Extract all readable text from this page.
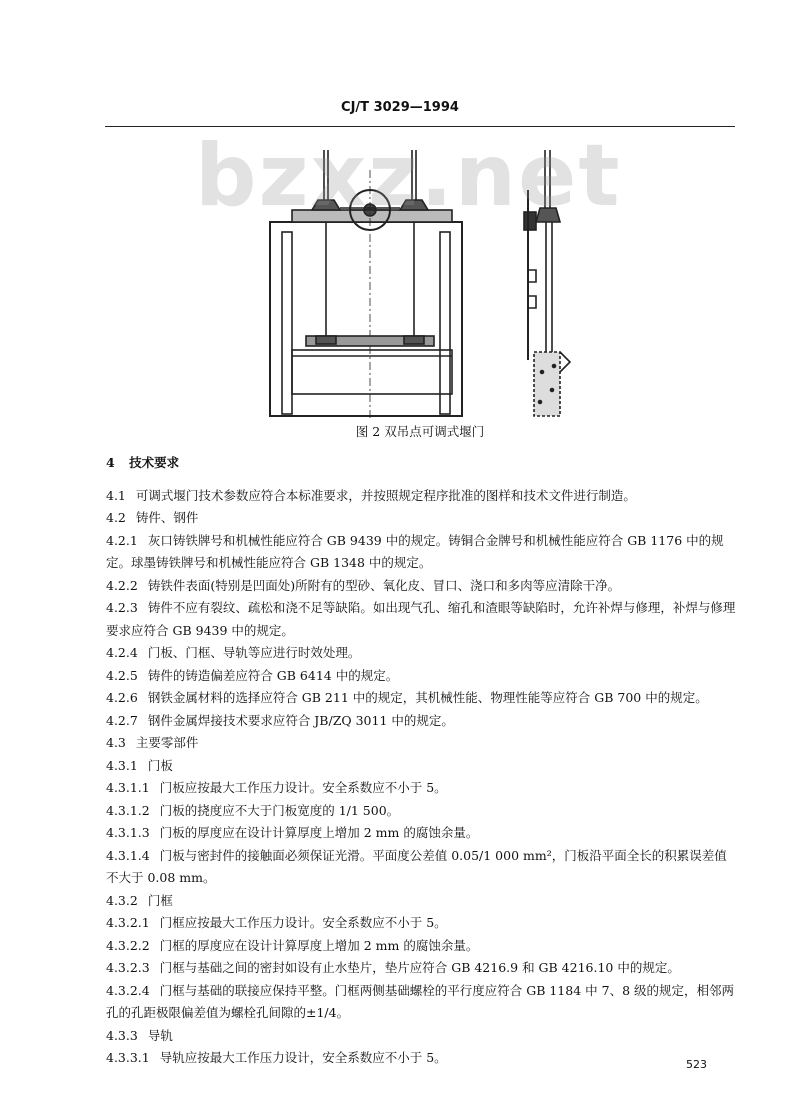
CJ/T 3029—1994
bzxz.net
图 2 双吊点可调式堰门

4 技术要求

4.1 可调式堰门技术参数应符合本标准要求，并按照规定程序批准的图样和技术文件进行制造。

4.2 铸件、钢件

4.2.1 灰口铸铁牌号和机械性能应符合 GB 9439 中的规定。铸铜合金牌号和机械性能应符合 GB 1176 中的规定。球墨铸铁牌号和机械性能应符合 GB 1348 中的规定。

4.2.2 铸铁件表面(特别是凹面处)所附有的型砂、氧化皮、冒口、浇口和多肉等应清除干净。

4.2.3 铸件不应有裂纹、疏松和浇不足等缺陷。如出现气孔、缩孔和渣眼等缺陷时，允许补焊与修理，补焊与修理要求应符合 GB 9439 中的规定。

4.2.4 门板、门框、导轨等应进行时效处理。

4.2.5 铸件的铸造偏差应符合 GB 6414 中的规定。

4.2.6 钢铁金属材料的选择应符合 GB 211 中的规定，其机械性能、物理性能等应符合 GB 700 中的规定。

4.2.7 钢件金属焊接技术要求应符合 JB/ZQ 3011 中的规定。

4.3 主要零部件

4.3.1 门板

4.3.1.1 门板应按最大工作压力设计。安全系数应不小于 5。

4.3.1.2 门板的挠度应不大于门板宽度的 1/1 500。

4.3.1.3 门板的厚度应在设计计算厚度上增加 2 mm 的腐蚀余量。

4.3.1.4 门板与密封件的接触面必须保证光滑。平面度公差值 0.05/1 000 mm²，门板沿平面全长的积累误差值不大于 0.08 mm。

4.3.2 门框

4.3.2.1 门框应按最大工作压力设计。安全系数应不小于 5。

4.3.2.2 门框的厚度应在设计计算厚度上增加 2 mm 的腐蚀余量。

4.3.2.3 门框与基础之间的密封如设有止水垫片，垫片应符合 GB 4216.9 和 GB 4216.10 中的规定。

4.3.2.4 门框与基础的联接应保持平整。门框两侧基础螺栓的平行度应符合 GB 1184 中 7、8 级的规定，相邻两孔的孔距极限偏差值为螺栓孔间隙的±1/4。

4.3.3 导轨

4.3.3.1 导轨应按最大工作压力设计，安全系数应不小于 5。	523
